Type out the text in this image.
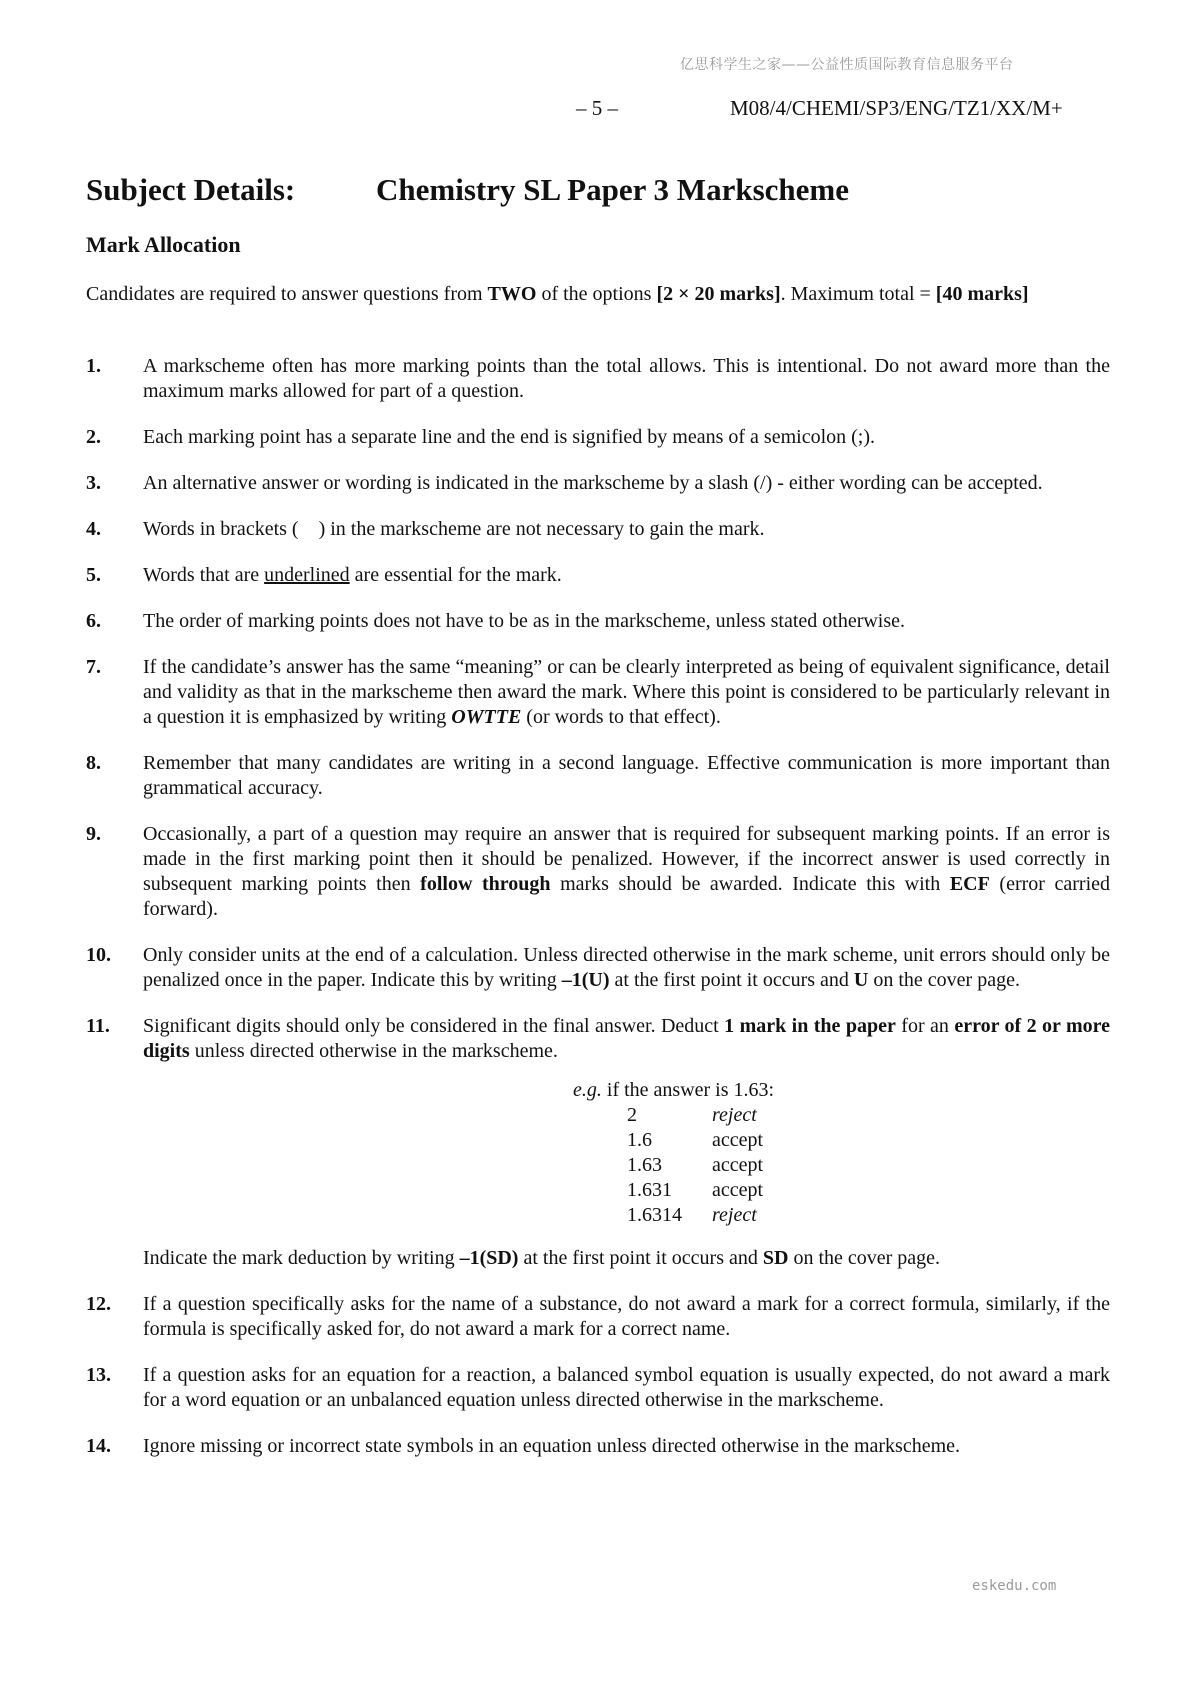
亿思科学生之家——公益性质国际教育信息服务平台
– 5 –	M08/4/CHEMI/SP3/ENG/TZ1/XX/M+
Subject Details:	Chemistry SL Paper 3 Markscheme
Mark Allocation
Candidates are required to answer questions from TWO of the options [2 × 20 marks]. Maximum total = [40 marks]
1. A markscheme often has more marking points than the total allows. This is intentional. Do not award more than the maximum marks allowed for part of a question.
2. Each marking point has a separate line and the end is signified by means of a semicolon (;).
3. An alternative answer or wording is indicated in the markscheme by a slash (/) - either wording can be accepted.
4. Words in brackets (    ) in the markscheme are not necessary to gain the mark.
5. Words that are underlined are essential for the mark.
6. The order of marking points does not have to be as in the markscheme, unless stated otherwise.
7. If the candidate’s answer has the same “meaning” or can be clearly interpreted as being of equivalent significance, detail and validity as that in the markscheme then award the mark. Where this point is considered to be particularly relevant in a question it is emphasized by writing OWTTE (or words to that effect).
8. Remember that many candidates are writing in a second language. Effective communication is more important than grammatical accuracy.
9. Occasionally, a part of a question may require an answer that is required for subsequent marking points. If an error is made in the first marking point then it should be penalized. However, if the incorrect answer is used correctly in subsequent marking points then follow through marks should be awarded. Indicate this with ECF (error carried forward).
10. Only consider units at the end of a calculation. Unless directed otherwise in the mark scheme, unit errors should only be penalized once in the paper. Indicate this by writing –1(U) at the first point it occurs and U on the cover page.
11. Significant digits should only be considered in the final answer. Deduct 1 mark in the paper for an error of 2 or more digits unless directed otherwise in the markscheme.
e.g. if the answer is 1.63:
2	reject
1.6	accept
1.63	accept
1.631	accept
1.6314	reject
Indicate the mark deduction by writing –1(SD) at the first point it occurs and SD on the cover page.
12. If a question specifically asks for the name of a substance, do not award a mark for a correct formula, similarly, if the formula is specifically asked for, do not award a mark for a correct name.
13. If a question asks for an equation for a reaction, a balanced symbol equation is usually expected, do not award a mark for a word equation or an unbalanced equation unless directed otherwise in the markscheme.
14. Ignore missing or incorrect state symbols in an equation unless directed otherwise in the markscheme.
eskedu.com
